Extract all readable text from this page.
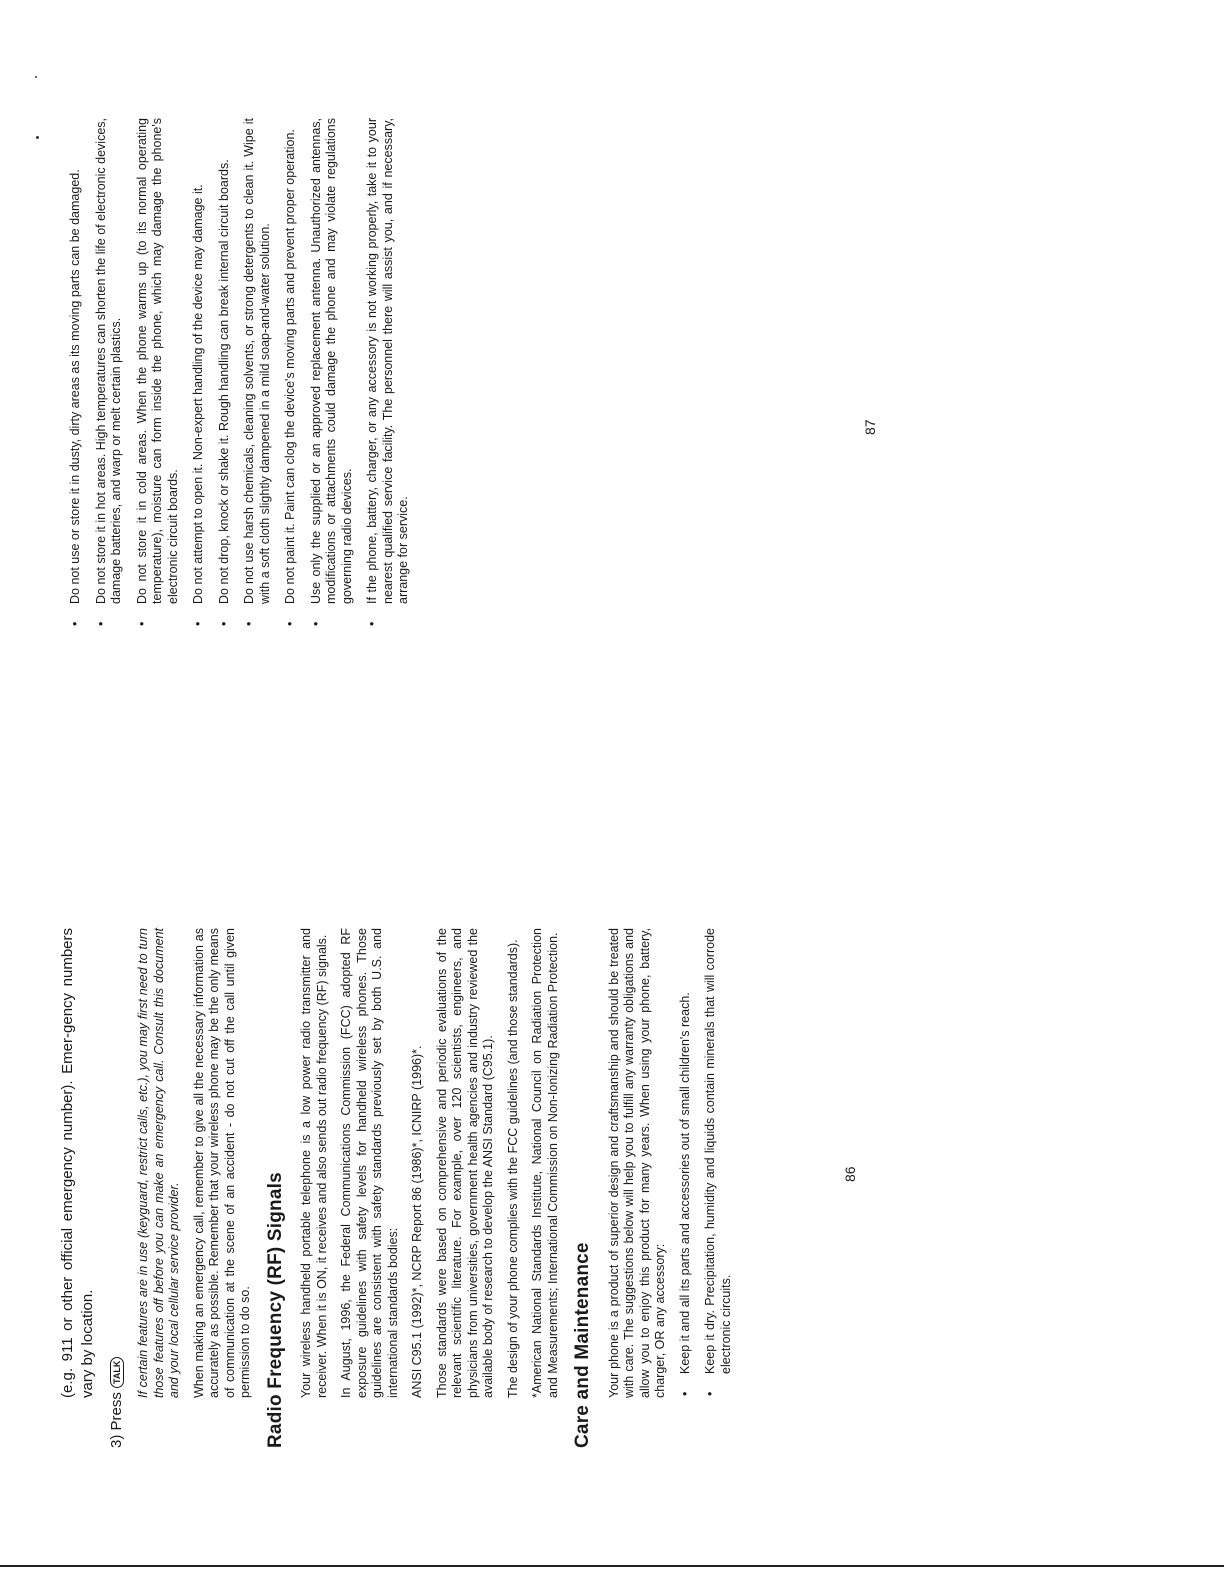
(e.g. 911 or other official emergency number). Emer-gency numbers vary by location.

3) Press TALK	If certain features are in use (keyguard, restrict calls, etc.), you may first need to turn those features off before you can make an emergency call. Consult this document and your local cellular service provider. When making an emergency call, remember to give all the necessary information as accurately as possible. Remember that your wireless phone may be the only means of communication at the scene of an accident - do not cut off the call until given permission to do so. Radio Frequency (RF) Signals Your wireless handheld portable telephone is a low power radio transmitter and receiver. When it is ON, it receives and also sends out radio frequency (RF) signals. In August, 1996, the Federal Communications Commission (FCC) adopted RF exposure guidelines with safety levels for handheld wireless phones. Those guidelines are consistent with safety standards previously set by both U.S. and international standards bodies: ANSI C95.1 (1992)*, NCRP Report 86 (1986)*, ICNIRP (1996)*. Those standards were based on comprehensive and periodic evaluations of the relevant scientific literature. For example, over 120 scientists, engineers, and physicians from universities, government health agencies and industry reviewed the available body of research to develop the ANSI Standard (C95.1). The design of your phone complies with the FCC guidelines (and those standards). *American National Standards Institute, National Council on Radiation Protection and Measurements; International Commission on Non-Ionizing Radiation Protection. Care and Maintenance Your phone is a product of superior design and craftsmanship and should be treated with care. The suggestions below will help you to fulfill any warranty obligations and allow you to enjoy this product for many years. When using your phone, battery, charger, OR any accessory: • Keep it and all its parts and accessories out of small children's reach. • Keep it dry. Precipitation, humidity and liquids contain minerals that will corrode electronic circuits.
86
• Do not use or store it in dusty, dirty areas as its moving parts can be damaged. • Do not store it in hot areas. High temperatures can shorten the life of electronic devices, damage batteries, and warp or melt certain plastics. • Do not store it in cold areas. When the phone warms up (to its normal operating temperature), moisture can form inside the phone, which may damage the phone's electronic circuit boards. • Do not attempt to open it. Non-expert handling of the device may damage it. • Do not drop, knock or shake it. Rough handling can break internal circuit boards. • Do not use harsh chemicals, cleaning solvents, or strong detergents to clean it. Wipe it with a soft cloth slightly dampened in a mild soap-and-water solution. • Do not paint it. Paint can clog the device's moving parts and prevent proper operation. • Use only the supplied or an approved replacement antenna. Unauthorized antennas, modifications or attachments could damage the phone and may violate regulations governing radio devices. • If the phone, battery, charger, or any accessory is not working properly, take it to your nearest qualified service facility. The personnel there will assist you, and if necessary, arrange for service.
87
